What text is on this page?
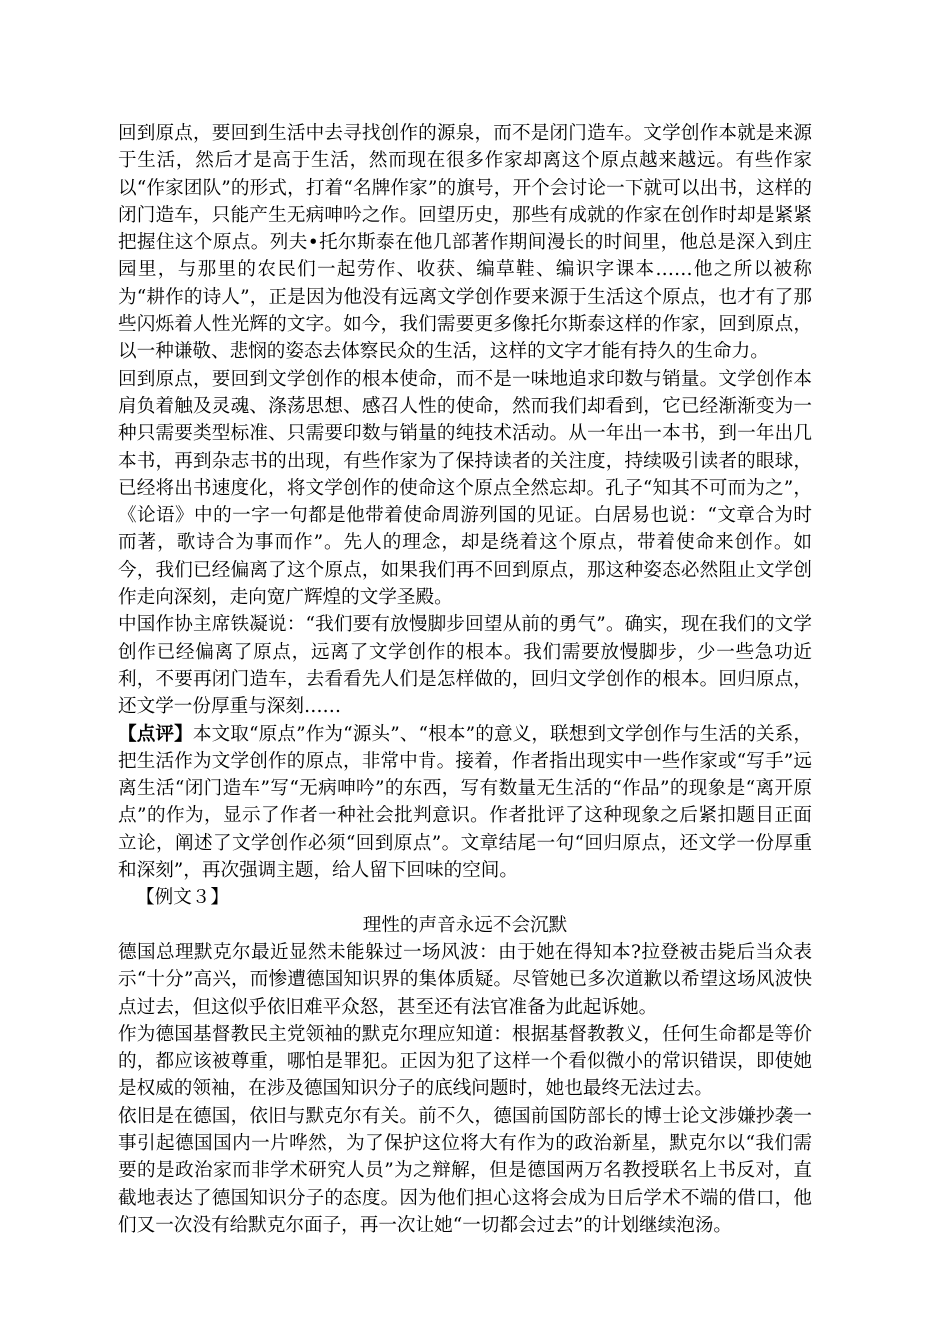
回到原点，要回到生活中去寻找创作的源泉，而不是闭门造车。文学创作本就是来源于生活，然后才是高于生活，然而现在很多作家却离这个原点越来越远。有些作家以“作家团队”的形式，打着“名牌作家”的旗号，开个会讨论一下就可以出书，这样的闭门造车，只能产生无病呻吟之作。回望历史，那些有成就的作家在创作时却是紧紧把握住这个原点。列夫•托尔斯泰在他几部著作期间漫长的时间里，他总是深入到庄园里，与那里的农民们一起劳作、收获、编草鞋、编识字课本……他之所以被称为“耕作的诗人”，正是因为他没有远离文学创作要来源于生活这个原点，也才有了那些闪烁着人性光辉的文字。如今，我们需要更多像托尔斯泰这样的作家，回到原点，以一种谦敬、悲悯的姿态去体察民众的生活，这样的文字才能有持久的生命力。

回到原点，要回到文学创作的根本使命，而不是一味地追求印数与销量。文学创作本肩负着触及灵魂、涤荡思想、感召人性的使命，然而我们却看到，它已经渐渐变为一种只需要类型标准、只需要印数与销量的纯技术活动。从一年出一本书，到一年出几本书，再到杂志书的出现，有些作家为了保持读者的关注度，持续吸引读者的眼球，已经将出书速度化，将文学创作的使命这个原点全然忘却。孔子“知其不可而为之”，《论语》中的一字一句都是他带着使命周游列国的见证。白居易也说：“文章合为时而著，歌诗合为事而作”。先人的理念，却是绕着这个原点，带着使命来创作。如今，我们已经偏离了这个原点，如果我们再不回到原点，那这种姿态必然阻止文学创作走向深刻，走向宽广辉煌的文学圣殿。

中国作协主席铁凝说：“我们要有放慢脚步回望从前的勇气”。确实，现在我们的文学创作已经偏离了原点，远离了文学创作的根本。我们需要放慢脚步，少一些急功近利，不要再闭门造车，去看看先人们是怎样做的，回归文学创作的根本。回归原点，还文学一份厚重与深刻……

【点评】本文取“原点”作为“源头”、“根本”的意义，联想到文学创作与生活的关系，把生活作为文学创作的原点，非常中肯。接着，作者指出现实中一些作家或“写手”远离生活“闭门造车”写“无病呻吟”的东西，写有数量无生活的“作品”的现象是“离开原点”的作为，显示了作者一种社会批判意识。作者批评了这种现象之后紧扣题目正面立论，阐述了文学创作必须“回到原点”。文章结尾一句“回归原点，还文学一份厚重和深刻”，再次强调主题，给人留下回味的空间。

【例文３】

理性的声音永远不会沉默

德国总理默克尔最近显然未能躲过一场风波：由于她在得知本?拉登被击毙后当众表示“十分”高兴，而惨遭德国知识界的集体质疑。尽管她已多次道歉以希望这场风波快点过去，但这似乎依旧难平众怒，甚至还有法官准备为此起诉她。

作为德国基督教民主党领袖的默克尔理应知道：根据基督教教义，任何生命都是等价的，都应该被尊重，哪怕是罪犯。正因为犯了这样一个看似微小的常识错误，即使她是权威的领袖，在涉及德国知识分子的底线问题时，她也最终无法过去。

依旧是在德国，依旧与默克尔有关。前不久，德国前国防部长的博士论文涉嫌抄袭一事引起德国国内一片哗然，为了保护这位将大有作为的政治新星，默克尔以“我们需要的是政治家而非学术研究人员”为之辩解，但是德国两万名教授联名上书反对，直截地表达了德国知识分子的态度。因为他们担心这将会成为日后学术不端的借口，他们又一次没有给默克尔面子，再一次让她“一切都会过去”的计划继续泡汤。
